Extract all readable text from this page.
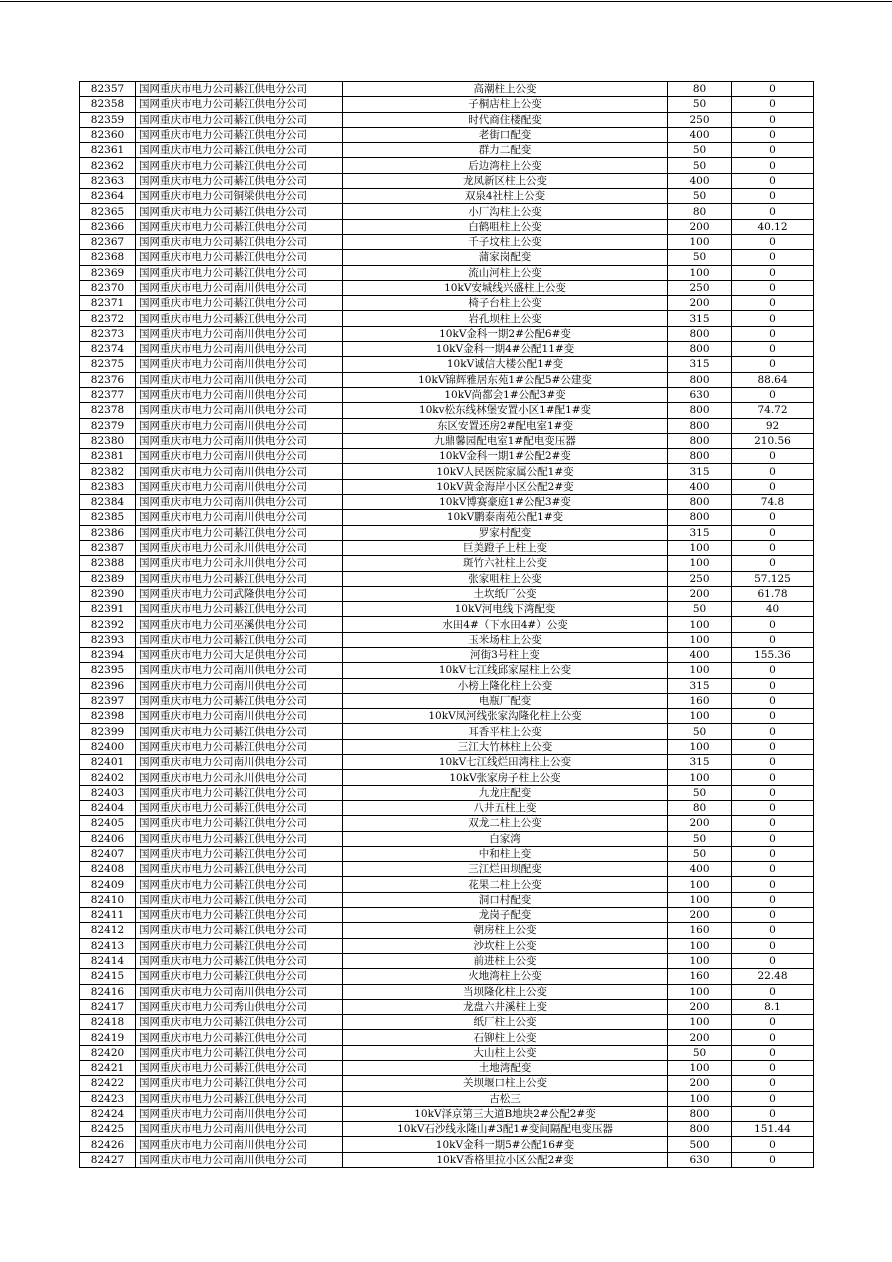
82357	国网重庆市电力公司綦江供电分公司	高潮柱上公变	80	0
82358	国网重庆市电力公司綦江供电分公司	子桐店柱上公变	50	0
82359	国网重庆市电力公司綦江供电分公司	时代商住楼配变	250	0
82360	国网重庆市电力公司綦江供电分公司	老街口配变	400	0
82361	国网重庆市电力公司綦江供电分公司	群力二配变	50	0
82362	国网重庆市电力公司綦江供电分公司	后边湾柱上公变	50	0
82363	国网重庆市电力公司綦江供电分公司	龙凤新区柱上公变	400	0
82364	国网重庆市电力公司铜梁供电分公司	双泉4社柱上公变	50	0
82365	国网重庆市电力公司綦江供电分公司	小厂沟柱上公变	80	0
82366	国网重庆市电力公司綦江供电分公司	白鹤咀柱上公变	200	40.12
82367	国网重庆市电力公司綦江供电分公司	千子坟柱上公变	100	0
82368	国网重庆市电力公司綦江供电分公司	蒲家岗配变	50	0
82369	国网重庆市电力公司綦江供电分公司	流山河柱上公变	100	0
82370	国网重庆市电力公司南川供电分公司	10kV安城线兴盛柱上公变	250	0
82371	国网重庆市电力公司綦江供电分公司	椅子台柱上公变	200	0
82372	国网重庆市电力公司綦江供电分公司	岩孔坝柱上公变	315	0
82373	国网重庆市电力公司南川供电分公司	10kV金科一期2#公配6#变	800	0
82374	国网重庆市电力公司南川供电分公司	10kV金科一期4#公配11#变	800	0
82375	国网重庆市电力公司南川供电分公司	10kV诚信大楼公配1#变	315	0
82376	国网重庆市电力公司南川供电分公司	10kV锦辉雅居东苑1#公配5#公建变	800	88.64
82377	国网重庆市电力公司南川供电分公司	10kV尚都会1#公配3#变	630	0
82378	国网重庆市电力公司南川供电分公司	10kv松东线林堡安置小区1#配1#变	800	74.72
82379	国网重庆市电力公司南川供电分公司	东区安置还房2#配电室1#变	800	92
82380	国网重庆市电力公司南川供电分公司	九鼎馨园配电室1#配电变压器	800	210.56
82381	国网重庆市电力公司南川供电分公司	10kV金科一期1#公配2#变	800	0
82382	国网重庆市电力公司南川供电分公司	10kV人民医院家属公配1#变	315	0
82383	国网重庆市电力公司南川供电分公司	10kV黄金海岸小区公配2#变	400	0
82384	国网重庆市电力公司南川供电分公司	10kV博赛豪庭1#公配3#变	800	74.8
82385	国网重庆市电力公司南川供电分公司	10kV鹏泰南苑公配1#变	800	0
82386	国网重庆市电力公司綦江供电分公司	罗家村配变	315	0
82387	国网重庆市电力公司永川供电分公司	巨美蹬子上柱上变	100	0
82388	国网重庆市电力公司永川供电分公司	斑竹六社柱上公变	100	0
82389	国网重庆市电力公司綦江供电分公司	张家咀柱上公变	250	57.125
82390	国网重庆市电力公司武隆供电分公司	土坎纸厂公变	200	61.78
82391	国网重庆市电力公司綦江供电分公司	10kV河电线下湾配变	50	40
82392	国网重庆市电力公司巫溪供电分公司	水田4#（下水田4#）公变	100	0
82393	国网重庆市电力公司綦江供电分公司	玉米场柱上公变	100	0
82394	国网重庆市电力公司大足供电分公司	河街3号柱上变	400	155.36
82395	国网重庆市电力公司南川供电分公司	10kV七江线邱家屋柱上公变	100	0
82396	国网重庆市电力公司南川供电分公司	小榜上隆化柱上公变	315	0
82397	国网重庆市电力公司綦江供电分公司	电瓶厂配变	160	0
82398	国网重庆市电力公司南川供电分公司	10kV凤河线张家沟隆化柱上公变	100	0
82399	国网重庆市电力公司綦江供电分公司	耳香平柱上公变	50	0
82400	国网重庆市电力公司綦江供电分公司	三江大竹林柱上公变	100	0
82401	国网重庆市电力公司南川供电分公司	10kV七江线烂田湾柱上公变	315	0
82402	国网重庆市电力公司永川供电分公司	10kV张家房子柱上公变	100	0
82403	国网重庆市电力公司綦江供电分公司	九龙庄配变	50	0
82404	国网重庆市电力公司綦江供电分公司	八井五柱上变	80	0
82405	国网重庆市电力公司綦江供电分公司	双龙二柱上公变	200	0
82406	国网重庆市电力公司綦江供电分公司	白家湾	50	0
82407	国网重庆市电力公司綦江供电分公司	中和柱上变	50	0
82408	国网重庆市电力公司綦江供电分公司	三江烂田坝配变	400	0
82409	国网重庆市电力公司綦江供电分公司	花果二柱上公变	100	0
82410	国网重庆市电力公司綦江供电分公司	洞口村配变	100	0
82411	国网重庆市电力公司綦江供电分公司	龙岗子配变	200	0
82412	国网重庆市电力公司綦江供电分公司	朝房柱上公变	160	0
82413	国网重庆市电力公司綦江供电分公司	沙坎柱上公变	100	0
82414	国网重庆市电力公司綦江供电分公司	前进柱上公变	100	0
82415	国网重庆市电力公司綦江供电分公司	火地湾柱上公变	160	22.48
82416	国网重庆市电力公司南川供电分公司	当坝隆化柱上公变	100	0
82417	国网重庆市电力公司秀山供电分公司	龙盘六井溪柱上变	200	8.1
82418	国网重庆市电力公司綦江供电分公司	纸厂柱上公变	100	0
82419	国网重庆市电力公司綦江供电分公司	石铆柱上公变	200	0
82420	国网重庆市电力公司綦江供电分公司	大山柱上公变	50	0
82421	国网重庆市电力公司綦江供电分公司	土地湾配变	100	0
82422	国网重庆市电力公司綦江供电分公司	关坝堰口柱上公变	200	0
82423	国网重庆市电力公司綦江供电分公司	古松三	100	0
82424	国网重庆市电力公司南川供电分公司	10kV泽京第三大道B地块2#公配2#变	800	0
82425	国网重庆市电力公司南川供电分公司	10kV石沙线永隆山#3配1#变间隔配电变压器	800	151.44
82426	国网重庆市电力公司南川供电分公司	10kV金科一期5#公配16#变	500	0
82427	国网重庆市电力公司南川供电分公司	10kV香格里拉小区公配2#变	630	0
